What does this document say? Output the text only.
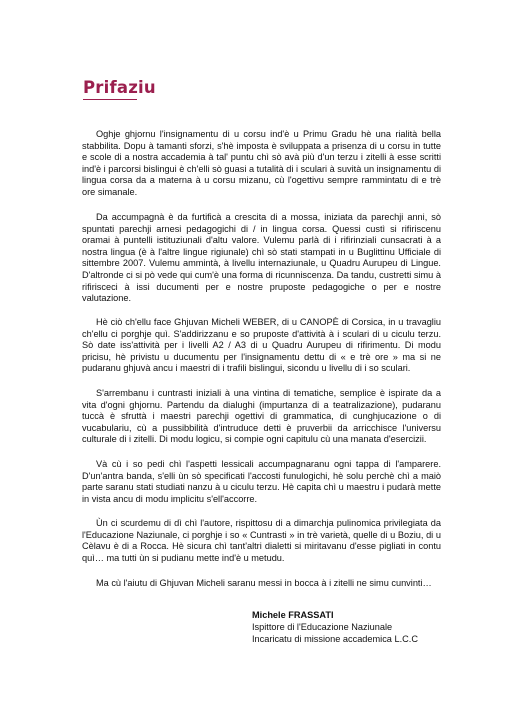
Prifaziu

Oghje ghjornu l'insignamentu di u corsu ind'è u Primu Gradu hè una rialità bella stabbilita. Dopu à tamanti sforzi, s'hè imposta è sviluppata a prisenza di u corsu in tutte e scole di a nostra accademia à tal' puntu chì sò avà più d'un terzu i zitelli à esse scritti ind'è i parcorsi bislingui è ch'elli sò guasi a tutalità di i sculari à suvità un insignamentu di lingua corsa da a materna à u corsu mizanu, cù l'ogettivu sempre rammintatu di e trè ore simanale.

Da accumpagnà è da furtificà a crescita di a mossa, iniziata da parechji anni, sò spuntati parechji arnesi pedagogichi di / in lingua corsa. Quessi custì si rifiriscenu oramai à puntelli istituziunali d'altu valore. Vulemu parlà di i rifirinziali cunsacrati à a nostra lingua (è à l'altre lingue rigiunale) chì sò stati stampati in u Buglittinu Ufficiale di sittembre 2007. Vulemu ammintà, à livellu internaziunale, u Quadru Aurupeu di Lingue. D'altronde ci si pò vede qui cum'è una forma di ricunniscenza. Da tandu, custretti simu à rifirisceci à issi ducumenti per e nostre pruposte pedagogiche o per e nostre valutazione.

Hè ciò ch'ellu face Ghjuvan Micheli WEBER, di u CANOPÈ di Corsica, in u travagliu ch'ellu ci porghje quì. S'addirizzanu e so pruposte d'attività à i sculari di u ciculu terzu. Sò date iss'attività per i livelli A2 / A3 di u Quadru Aurupeu di rifirimentu. Di modu pricisu, hè privistu u ducumentu per l'insignamentu dettu di « e trè ore » ma si ne pudaranu ghjuvà ancu i maestri di i trafili bislingui, sicondu u livellu di i so sculari.

S'arrembanu i cuntrasti iniziali à una vintina di tematiche, semplice è ispirate da a vita d'ogni ghjornu. Partendu da dialughi (impurtanza di a teatralizazione), pudaranu tuccà è sfruttà i maestri parechji ogettivi di grammatica, di cunghjucazione o di vucabulariu, cù a pussibbilità d'intruduce detti è pruverbii da arricchisce l'universu culturale di i zitelli. Di modu logicu, si compie ogni capitulu cù una manata d'esercizii.

Và cù i so pedi chì l'aspetti lessicali accumpagnaranu ogni tappa di l'amparere. D'un'antra banda, s'elli ùn sò specificati l'accosti funulogichi, hè solu perchè chì a maiò parte saranu stati studiati nanzu à u ciculu terzu. Hè capita chì u maestru i pudarà mette in vista ancu di modu implicitu s'ell'accorre.

Ùn ci scurdemu di dì chì l'autore, rispittosu di a dimarchja pulinomica privilegiata da l'Educazione Naziunale, ci porghje i so « Cuntrasti » in trè varietà, quelle di u Boziu, di u Cèlavu è di a Rocca. Hè sicura chì tant'altri dialetti si miritavanu d'esse pigliati in contu quì… ma tutti ùn si pudianu mette ind'è u metudu.

Ma cù l'aiutu di Ghjuvan Micheli saranu messi in bocca à i zitelli ne simu cunvinti…

Michele FRASSATI
Ispittore di l'Educazione Naziunale
Incaricatu di missione accademica L.C.C
